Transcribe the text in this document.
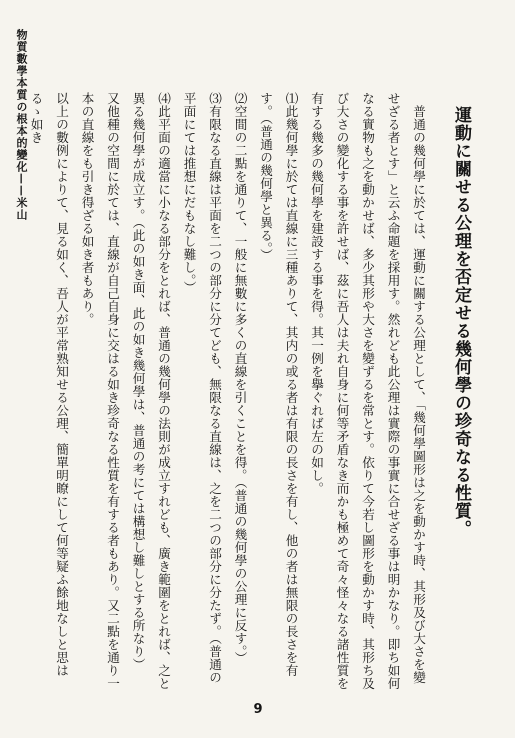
物質數學本質の根本的變化——米山	運動に關せる公理を否定せる幾何學の珍奇なる性質。

　普通の幾何學に於ては、運動に關する公理として、「幾何學圖形は之を動かす時、其形及び大さを變せざる者とす」と云ふ命題を採用す。然れども此公理は實際の事實に合せざる事は明かなり。即ち如何なる實物も之を動かせば、多少其形や大さを變ずるを常とす。依りて今若し圖形を動かす時、其形ち及び大さの變化する事を許せば、茲に吾人は夫れ自身に何等矛盾なき而かも極めて奇々怪々なる諸性質を有する幾多の幾何學を建設する事を得。其一例を擧ぐれば左の如し。

⑴此幾何學に於ては直線に三種ありて、其内の或る者は有限の長さを有し、他の者は無限の長さを有す。（普通の幾何學と異る。）

⑵空間の二點を通りて、一般に無數に多くの直線を引くことを得。（普通の幾何學の公理に反す。）

⑶有限なる直線は平面を二つの部分に分てども、無限なる直線は、之を二つの部分に分たず。（普通の平面にては推想にだもなし難し。）

⑷此平面の適當に小なる部分をとれば、普通の幾何學の法則が成立すれども、廣き範圍をとれば、之と異る幾何學が成立す。（此の如き面、此の如き幾何學は、普通の考にては構想し難しとする所なり）

又他種の空間に於ては、直線が自己自身に交はる如き珍奇なる性質を有する者もあり。又二點を通り一本の直線をも引き得ざる如き者もあり。

以上の數例によりて、見る如く、吾人が平常熟知せる公理、簡單明瞭にして何等疑ふ餘地なしと思はるゝ如き

9
